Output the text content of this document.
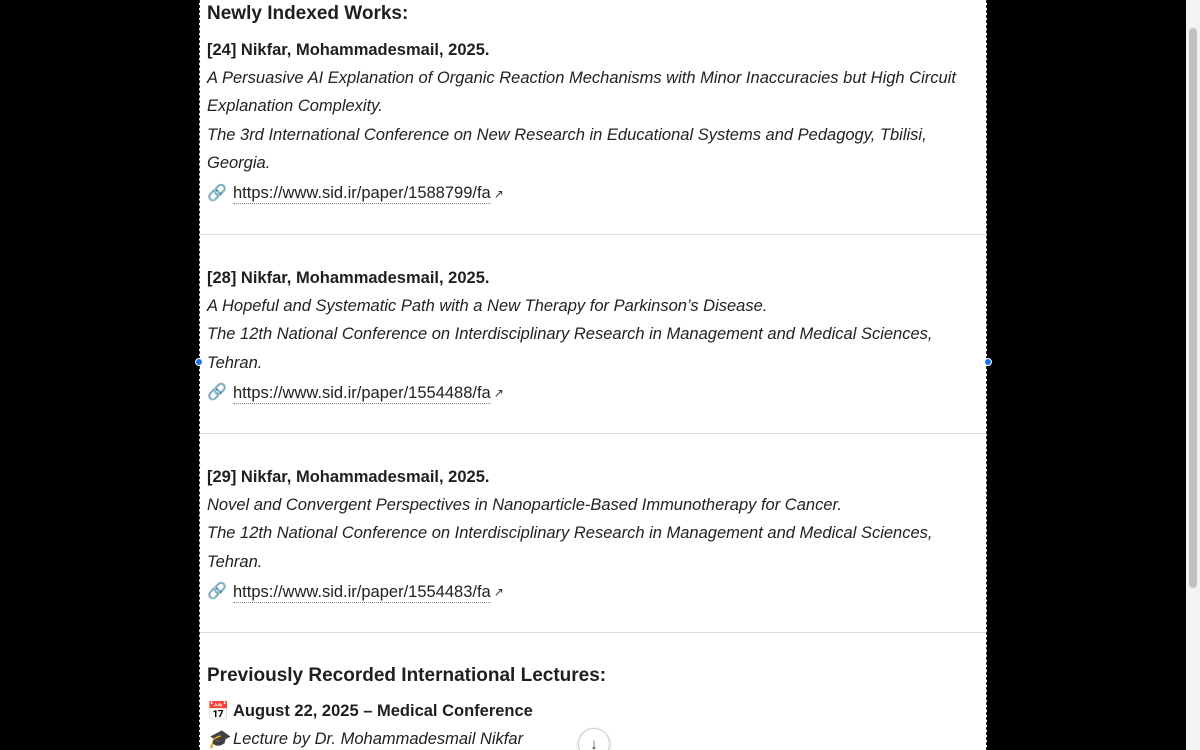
Newly Indexed Works:
[24] Nikfar, Mohammadesmail, 2025.
A Persuasive AI Explanation of Organic Reaction Mechanisms with Minor Inaccuracies but High Circuit Explanation Complexity.
The 3rd International Conference on New Research in Educational Systems and Pedagogy, Tbilisi, Georgia.
🔗 https://www.sid.ir/paper/1588799/fa ↗
[28] Nikfar, Mohammadesmail, 2025.
A Hopeful and Systematic Path with a New Therapy for Parkinson’s Disease.
The 12th National Conference on Interdisciplinary Research in Management and Medical Sciences, Tehran.
🔗 https://www.sid.ir/paper/1554488/fa ↗
[29] Nikfar, Mohammadesmail, 2025.
Novel and Convergent Perspectives in Nanoparticle-Based Immunotherapy for Cancer.
The 12th National Conference on Interdisciplinary Research in Management and Medical Sciences, Tehran.
🔗 https://www.sid.ir/paper/1554483/fa ↗
Previously Recorded International Lectures:
📅 August 22, 2025 – Medical Conference
🎓 Lecture by Dr. Mohammadesmail Nikfar	↓
